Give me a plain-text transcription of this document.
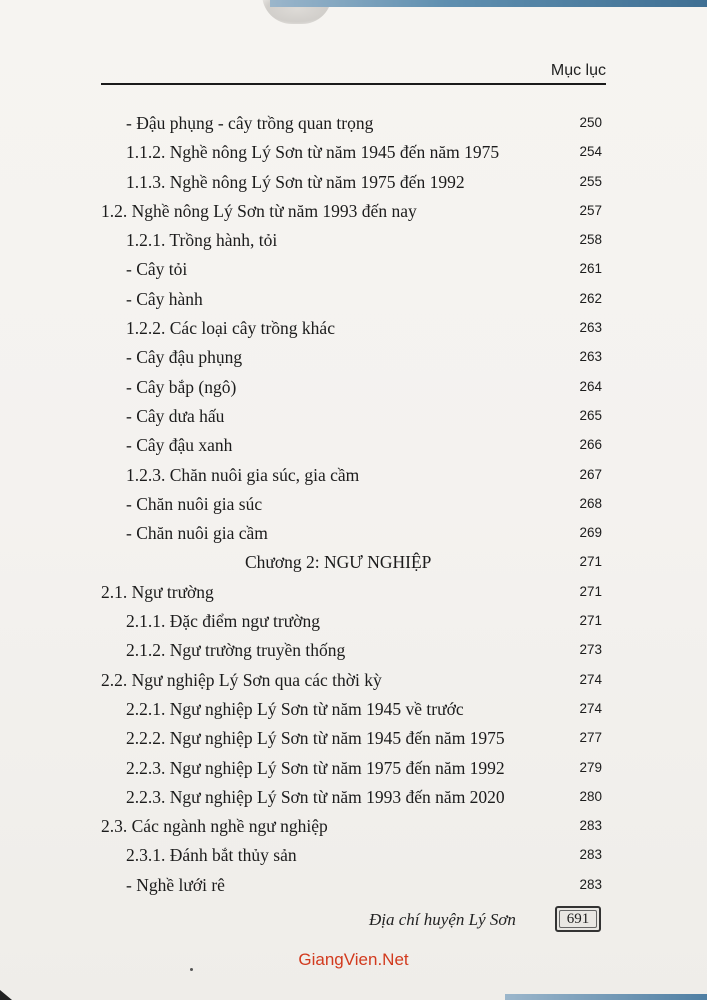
Mục lục
- Đậu phụng - cây trồng quan trọng	250
1.1.2. Nghề nông Lý Sơn từ năm 1945 đến năm 1975	254
1.1.3. Nghề nông Lý Sơn từ năm 1975 đến 1992	255
1.2. Nghề nông Lý Sơn từ năm 1993 đến nay	257
1.2.1. Trồng hành, tỏi	258
- Cây tỏi	261
- Cây hành	262
1.2.2. Các loại cây trồng khác	263
- Cây đậu phụng	263
- Cây bắp (ngô)	264
- Cây dưa hấu	265
- Cây đậu xanh	266
1.2.3. Chăn nuôi gia súc, gia cầm	267
- Chăn nuôi gia súc	268
- Chăn nuôi gia cầm	269
Chương 2: NGƯ NGHIỆP	271
2.1. Ngư trường	271
2.1.1. Đặc điểm ngư trường	271
2.1.2. Ngư trường truyền thống	273
2.2. Ngư nghiệp Lý Sơn qua các thời kỳ	274
2.2.1. Ngư nghiệp Lý Sơn từ năm 1945 về trước	274
2.2.2. Ngư nghiệp Lý Sơn từ năm 1945 đến năm 1975	277
2.2.3. Ngư nghiệp Lý Sơn từ năm 1975 đến năm 1992	279
2.2.3. Ngư nghiệp Lý Sơn từ năm 1993 đến năm 2020	280
2.3. Các ngành nghề ngư nghiệp	283
2.3.1. Đánh bắt thủy sản	283
- Nghề lưới rê	283
Địa chí huyện Lý Sơn	691
GiangVien.Net
